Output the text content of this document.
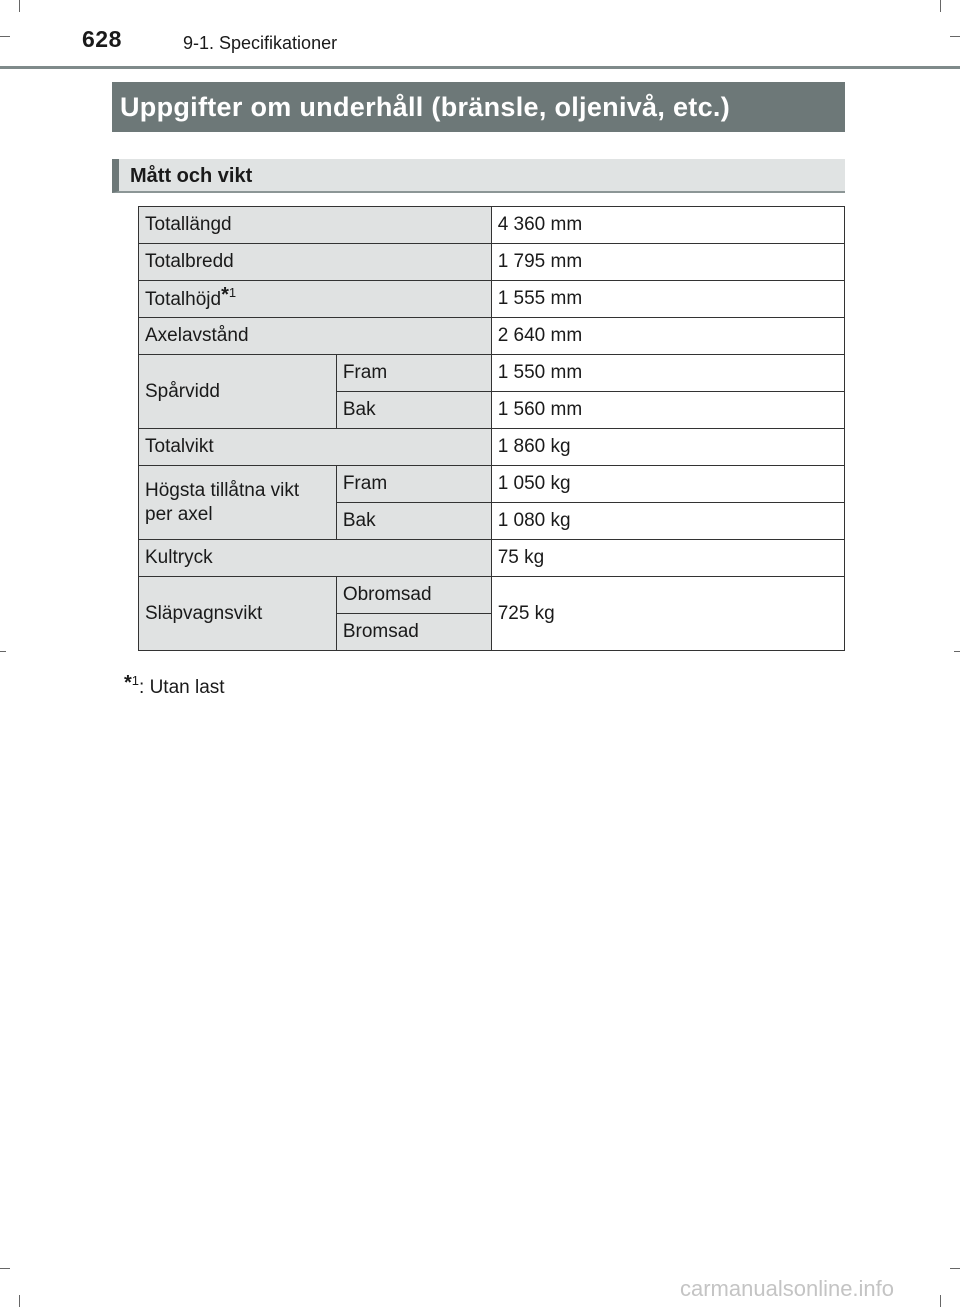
628	9-1. Specifikationer
Uppgifter om underhåll (bränsle, oljenivå, etc.)
Mått och vikt
Totallängd		4 360 mm
Totalbredd		1 795 mm
Totalhöjd*$^1$		1 555 mm
Axelavstånd		2 640 mm
Spårvidd	Fram	1 550 mm
	Bak	1 560 mm
Totalvikt		1 860 kg

Högsta tillåtna vikt
per axel	Fram	1 050 kg
	Bak	1 080 kg
Kultryck		75 kg
Släpvagnsvikt	Obromsad	725 kg
	Bromsad	
*$^1$: Utan last
carmanualsonline.info
